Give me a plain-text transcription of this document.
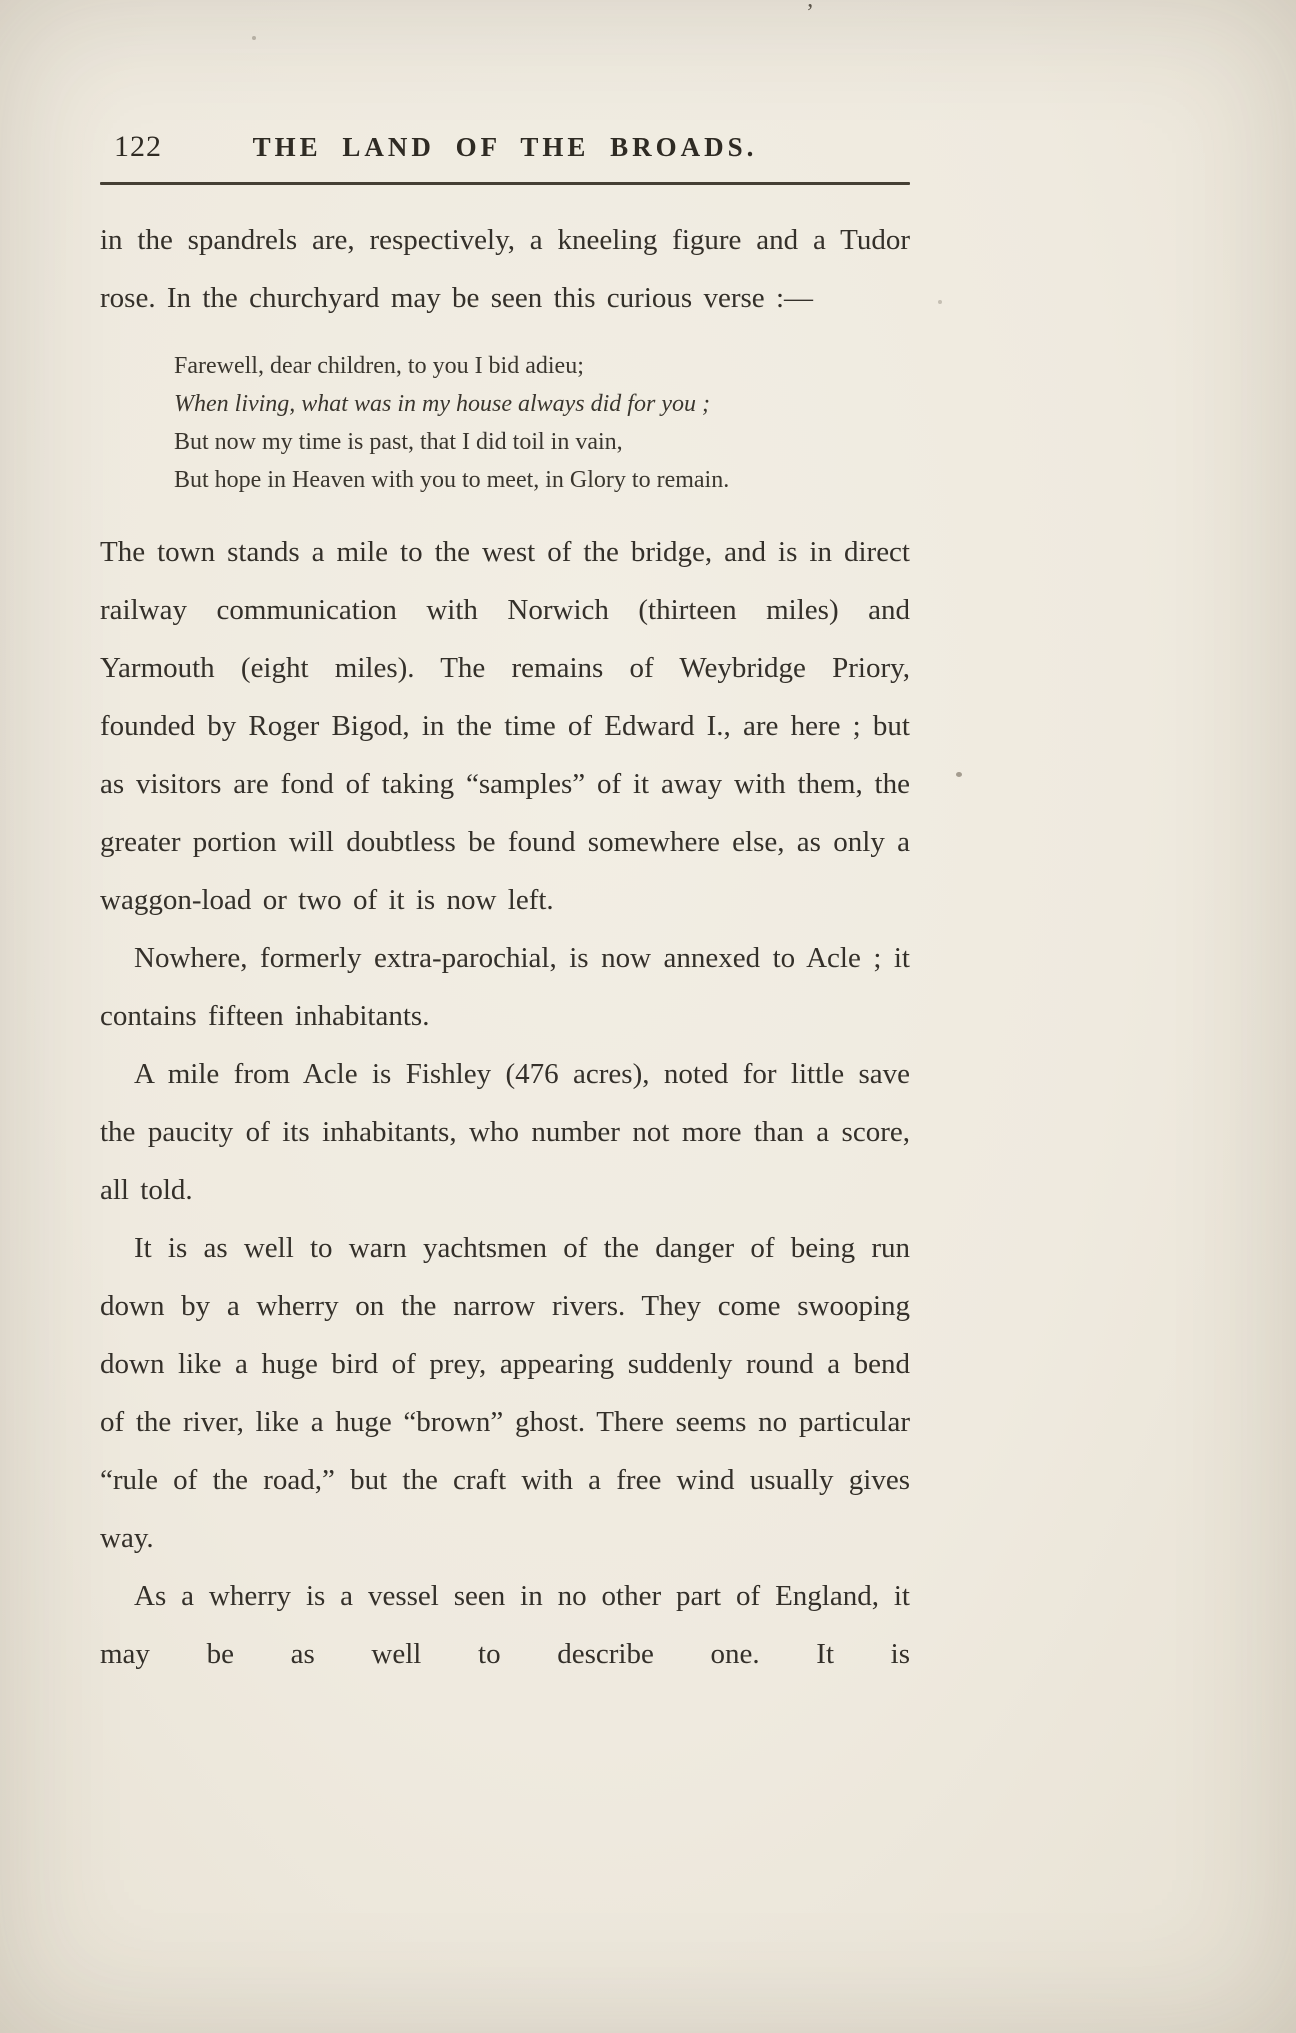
’
122	THE LAND OF THE BROADS.

in the spandrels are, respectively, a kneeling figure and a Tudor rose. In the churchyard may be seen this curious verse :—

Farewell, dear children, to you I bid adieu;
When living, what was in my house always did for you ;
But now my time is past, that I did toil in vain,
But hope in Heaven with you to meet, in Glory to remain.

The town stands a mile to the west of the bridge, and is in direct railway communication with Norwich (thirteen miles) and Yarmouth (eight miles). The remains of Weybridge Priory, founded by Roger Bigod, in the time of Edward I., are here ; but as visitors are fond of taking “samples” of it away with them, the greater portion will doubtless be found somewhere else, as only a waggon-load or two of it is now left.

Nowhere, formerly extra-parochial, is now annexed to Acle ; it contains fifteen inhabitants.

A mile from Acle is Fishley (476 acres), noted for little save the paucity of its inhabitants, who number not more than a score, all told.

It is as well to warn yachtsmen of the danger of being run down by a wherry on the narrow rivers. They come swooping down like a huge bird of prey, appearing suddenly round a bend of the river, like a huge “brown” ghost. There seems no particular “rule of the road,” but the craft with a free wind usually gives way.

As a wherry is a vessel seen in no other part of England, it may be as well to describe one. It is
